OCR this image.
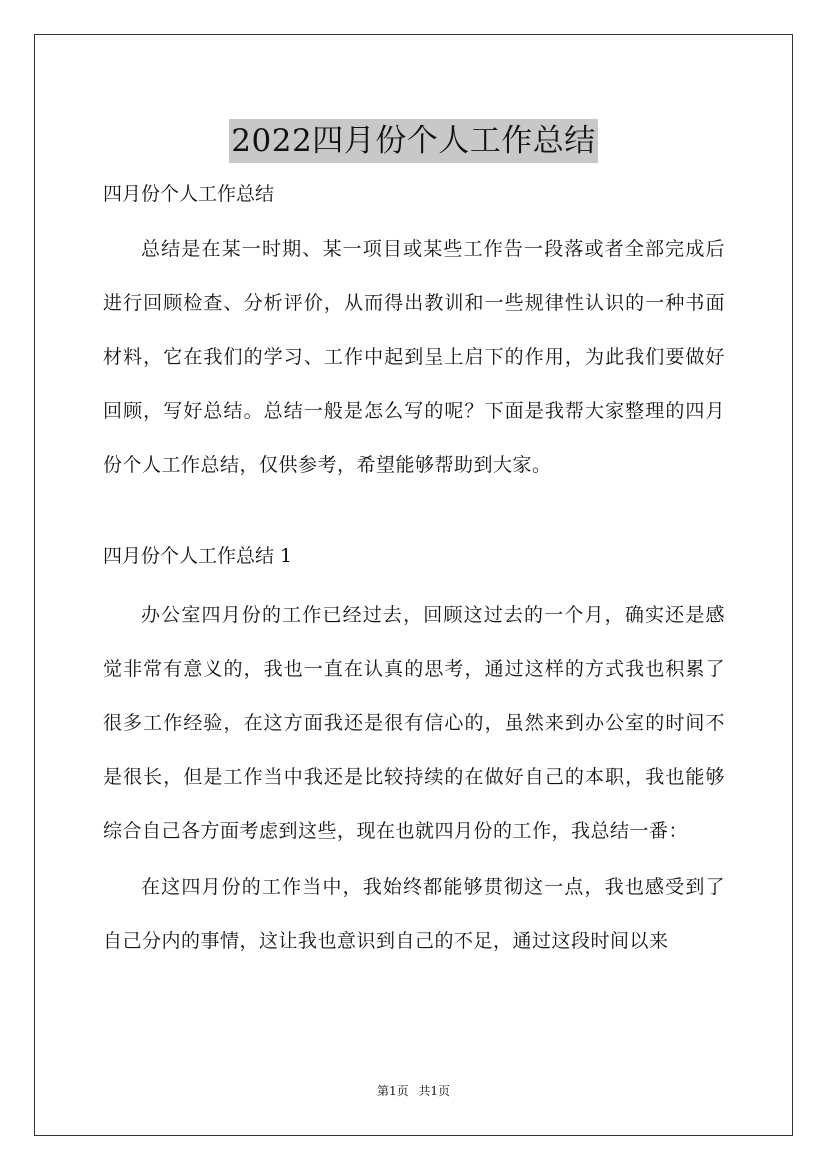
2022四月份个人工作总结

四月份个人工作总结

总结是在某一时期、某一项目或某些工作告一段落或者全部完成后进行回顾检查、分析评价，从而得出教训和一些规律性认识的一种书面材料，它在我们的学习、工作中起到呈上启下的作用，为此我们要做好回顾，写好总结。总结一般是怎么写的呢？下面是我帮大家整理的四月份个人工作总结，仅供参考，希望能够帮助到大家。

四月份个人工作总结 1

办公室四月份的工作已经过去，回顾这过去的一个月，确实还是感觉非常有意义的，我也一直在认真的思考，通过这样的方式我也积累了很多工作经验，在这方面我还是很有信心的，虽然来到办公室的时间不是很长，但是工作当中我还是比较持续的在做好自己的本职，我也能够综合自己各方面考虑到这些，现在也就四月份的工作，我总结一番：

在这四月份的工作当中，我始终都能够贯彻这一点，我也感受到了自己分内的事情，这让我也意识到自己的不足，通过这段时间以来

第1页 共1页
